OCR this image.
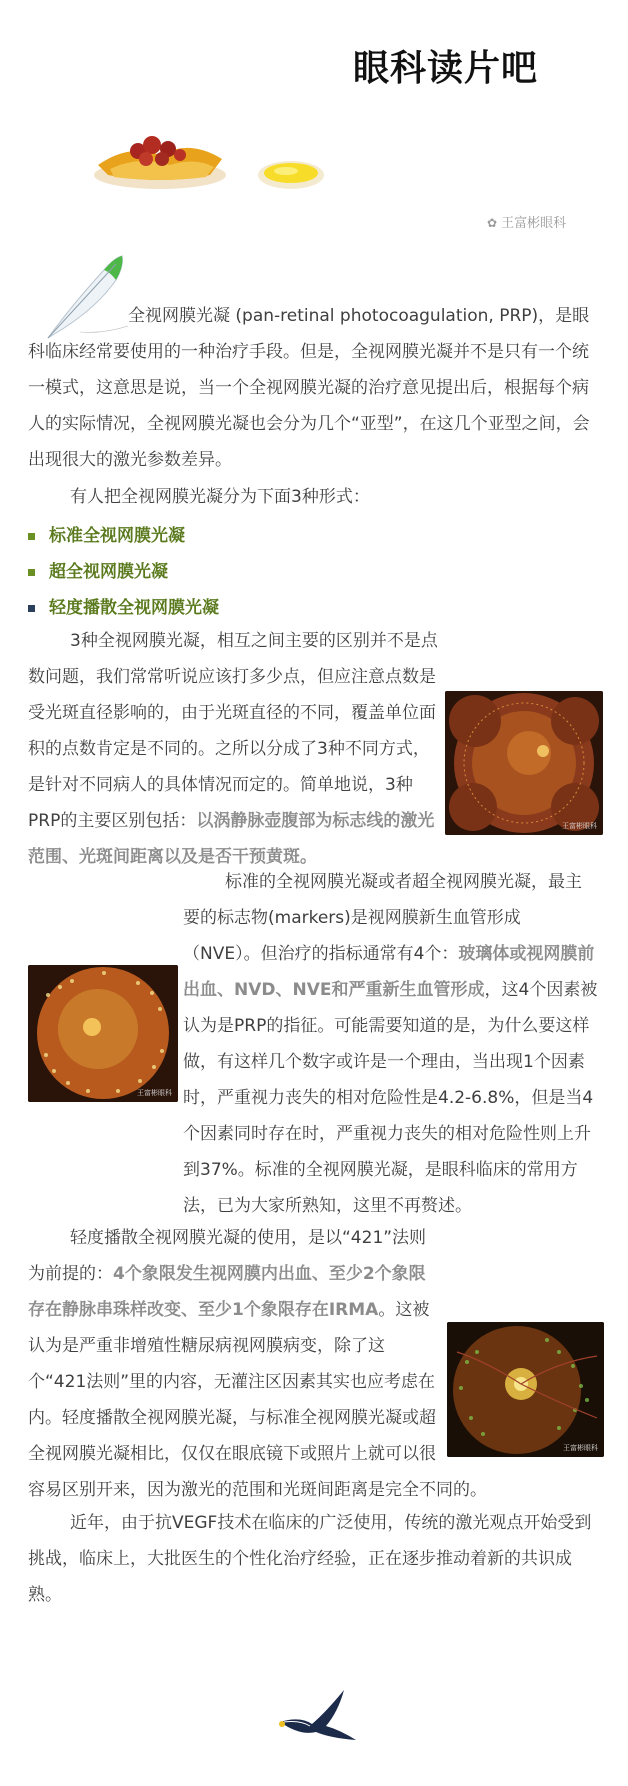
眼科读片吧
✿ 王富彬眼科

全视网膜光凝 (pan-retinal photocoagulation, PRP)，是眼科临床经常要使用的一种治疗手段。但是，全视网膜光凝并不是只有一个统一模式，这意思是说，当一个全视网膜光凝的治疗意见提出后，根据每个病人的实际情况，全视网膜光凝也会分为几个“亚型”，在这几个亚型之间，会出现很大的激光参数差异。

有人把全视网膜光凝分为下面3种形式：

标准全视网膜光凝
超全视网膜光凝
轻度播散全视网膜光凝
王富彬眼科

3种全视网膜光凝，相互之间主要的区别并不是点数问题，我们常常听说应该打多少点，但应注意点数是受光斑直径影响的，由于光斑直径的不同，覆盖单位面积的点数肯定是不同的。之所以分成了3种不同方式，是针对不同病人的具体情况而定的。简单地说，3种PRP的主要区别包括：以涡静脉壶腹部为标志线的激光范围、光斑间距离以及是否干预黄斑。

王富彬眼科

标准的全视网膜光凝或者超全视网膜光凝，最主要的标志物(markers)是视网膜新生血管形成（NVE）。但治疗的指标通常有4个：玻璃体或视网膜前出血、NVD、NVE和严重新生血管形成，这4个因素被认为是PRP的指征。可能需要知道的是，为什么要这样做，有这样几个数字或许是一个理由，当出现1个因素时，严重视力丧失的相对危险性是4.2-6.8%，但是当4个因素同时存在时，严重视力丧失的相对危险性则上升到37%。标准的全视网膜光凝，是眼科临床的常用方法，已为大家所熟知，这里不再赘述。

王富彬眼科

轻度播散全视网膜光凝的使用，是以“421”法则为前提的：4个象限发生视网膜内出血、至少2个象限存在静脉串珠样改变、至少1个象限存在IRMA。这被认为是严重非增殖性糖尿病视网膜病变，除了这个“421法则”里的内容，无灌注区因素其实也应考虑在内。轻度播散全视网膜光凝，与标准全视网膜光凝或超全视网膜光凝相比，仅仅在眼底镜下或照片上就可以很容易区别开来，因为激光的范围和光斑间距离是完全不同的。

近年，由于抗VEGF技术在临床的广泛使用，传统的激光观点开始受到挑战，临床上，大批医生的个性化治疗经验，正在逐步推动着新的共识成熟。
